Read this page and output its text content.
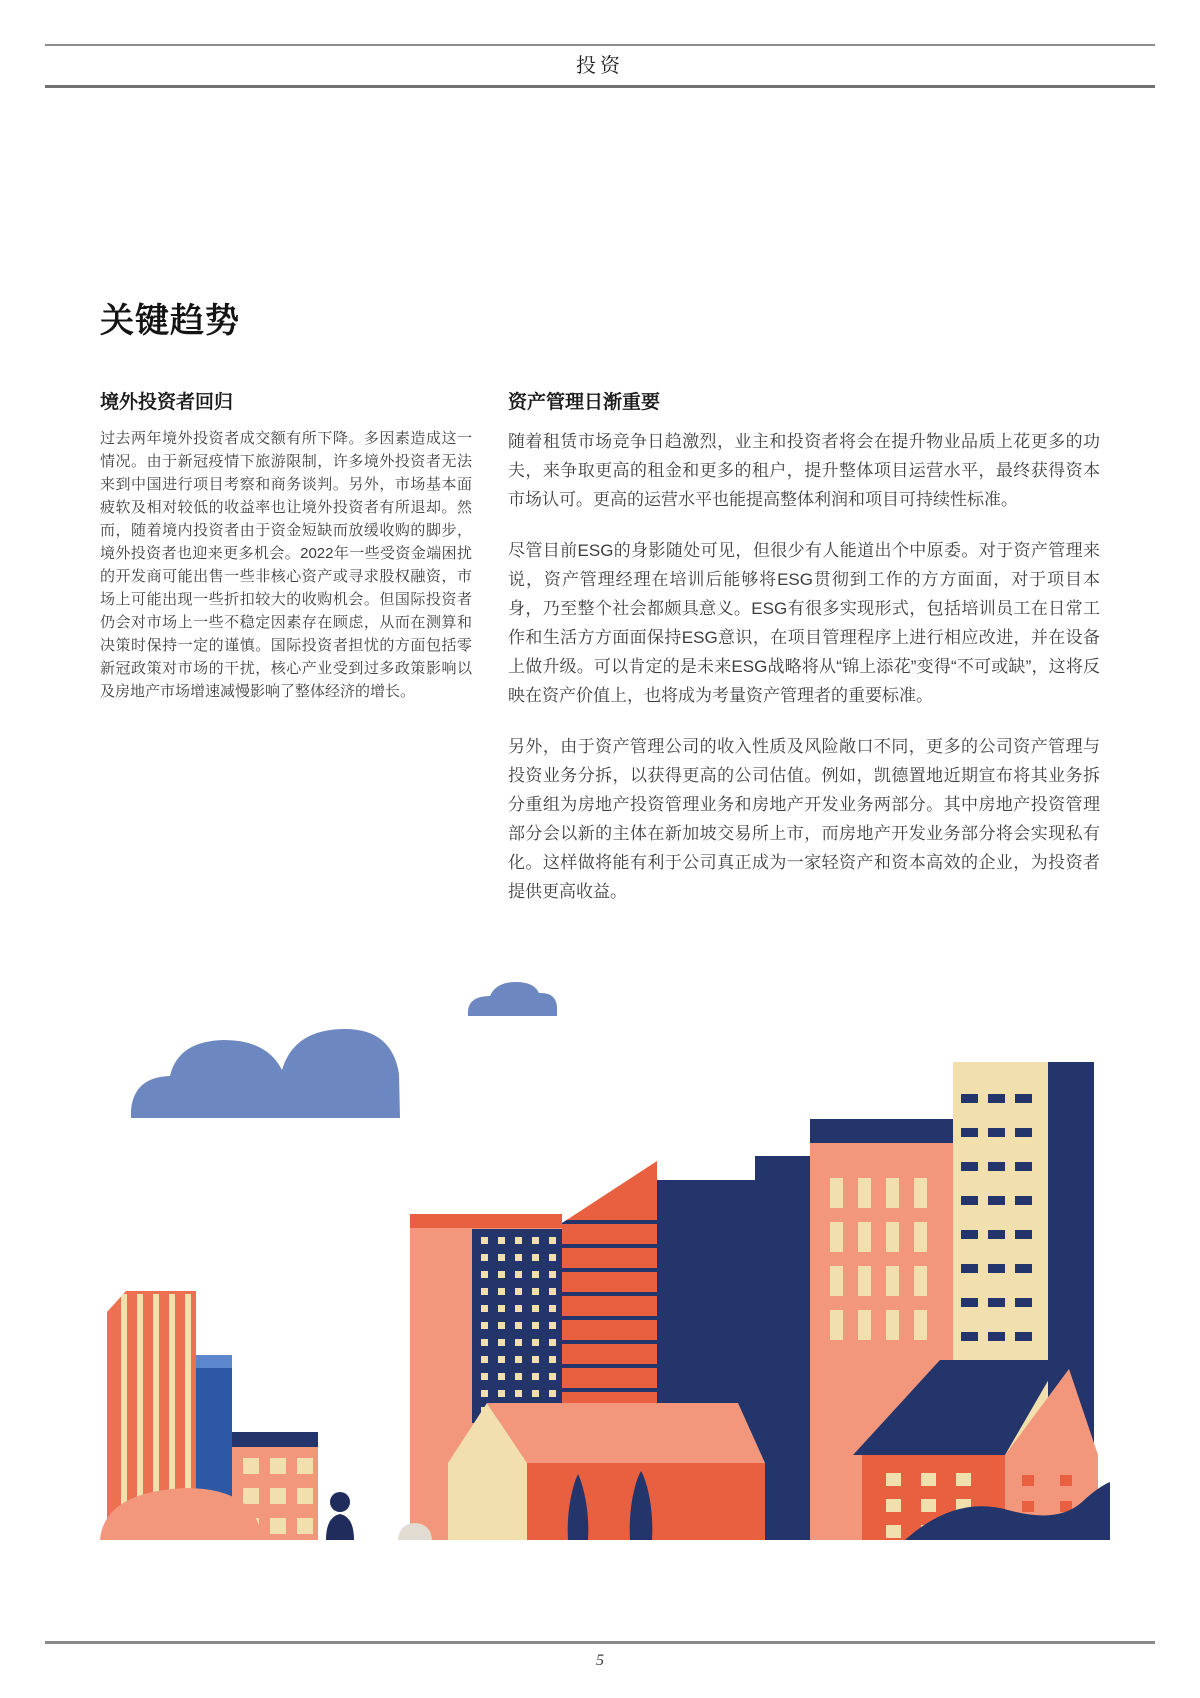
投资
关键趋势
境外投资者回归

过去两年境外投资者成交额有所下降。多因素造成这一情况。由于新冠疫情下旅游限制，许多境外投资者无法来到中国进行项目考察和商务谈判。另外，市场基本面疲软及相对较低的收益率也让境外投资者有所退却。然而，随着境内投资者由于资金短缺而放缓收购的脚步，境外投资者也迎来更多机会。2022年一些受资金端困扰的开发商可能出售一些非核心资产或寻求股权融资，市场上可能出现一些折扣较大的收购机会。但国际投资者仍会对市场上一些不稳定因素存在顾虑，从而在测算和决策时保持一定的谨慎。国际投资者担忧的方面包括零新冠政策对市场的干扰，核心产业受到过多政策影响以及房地产市场增速减慢影响了整体经济的增长。

资产管理日渐重要

随着租赁市场竞争日趋激烈，业主和投资者将会在提升物业品质上花更多的功夫，来争取更高的租金和更多的租户，提升整体项目运营水平，最终获得资本市场认可。更高的运营水平也能提高整体利润和项目可持续性标准。

尽管目前ESG的身影随处可见，但很少有人能道出个中原委。对于资产管理来说，资产管理经理在培训后能够将ESG贯彻到工作的方方面面，对于项目本身，乃至整个社会都颇具意义。ESG有很多实现形式，包括培训员工在日常工作和生活方方面面保持ESG意识，在项目管理程序上进行相应改进，并在设备上做升级。可以肯定的是未来ESG战略将从“锦上添花”变得“不可或缺”，这将反映在资产价值上，也将成为考量资产管理者的重要标准。

另外，由于资产管理公司的收入性质及风险敞口不同，更多的公司资产管理与投资业务分拆，以获得更高的公司估值。例如，凯德置地近期宣布将其业务拆分重组为房地产投资管理业务和房地产开发业务两部分。其中房地产投资管理部分会以新的主体在新加坡交易所上市，而房地产开发业务部分将会实现私有化。这样做将能有利于公司真正成为一家轻资产和资本高效的企业，为投资者提供更高收益。

5
